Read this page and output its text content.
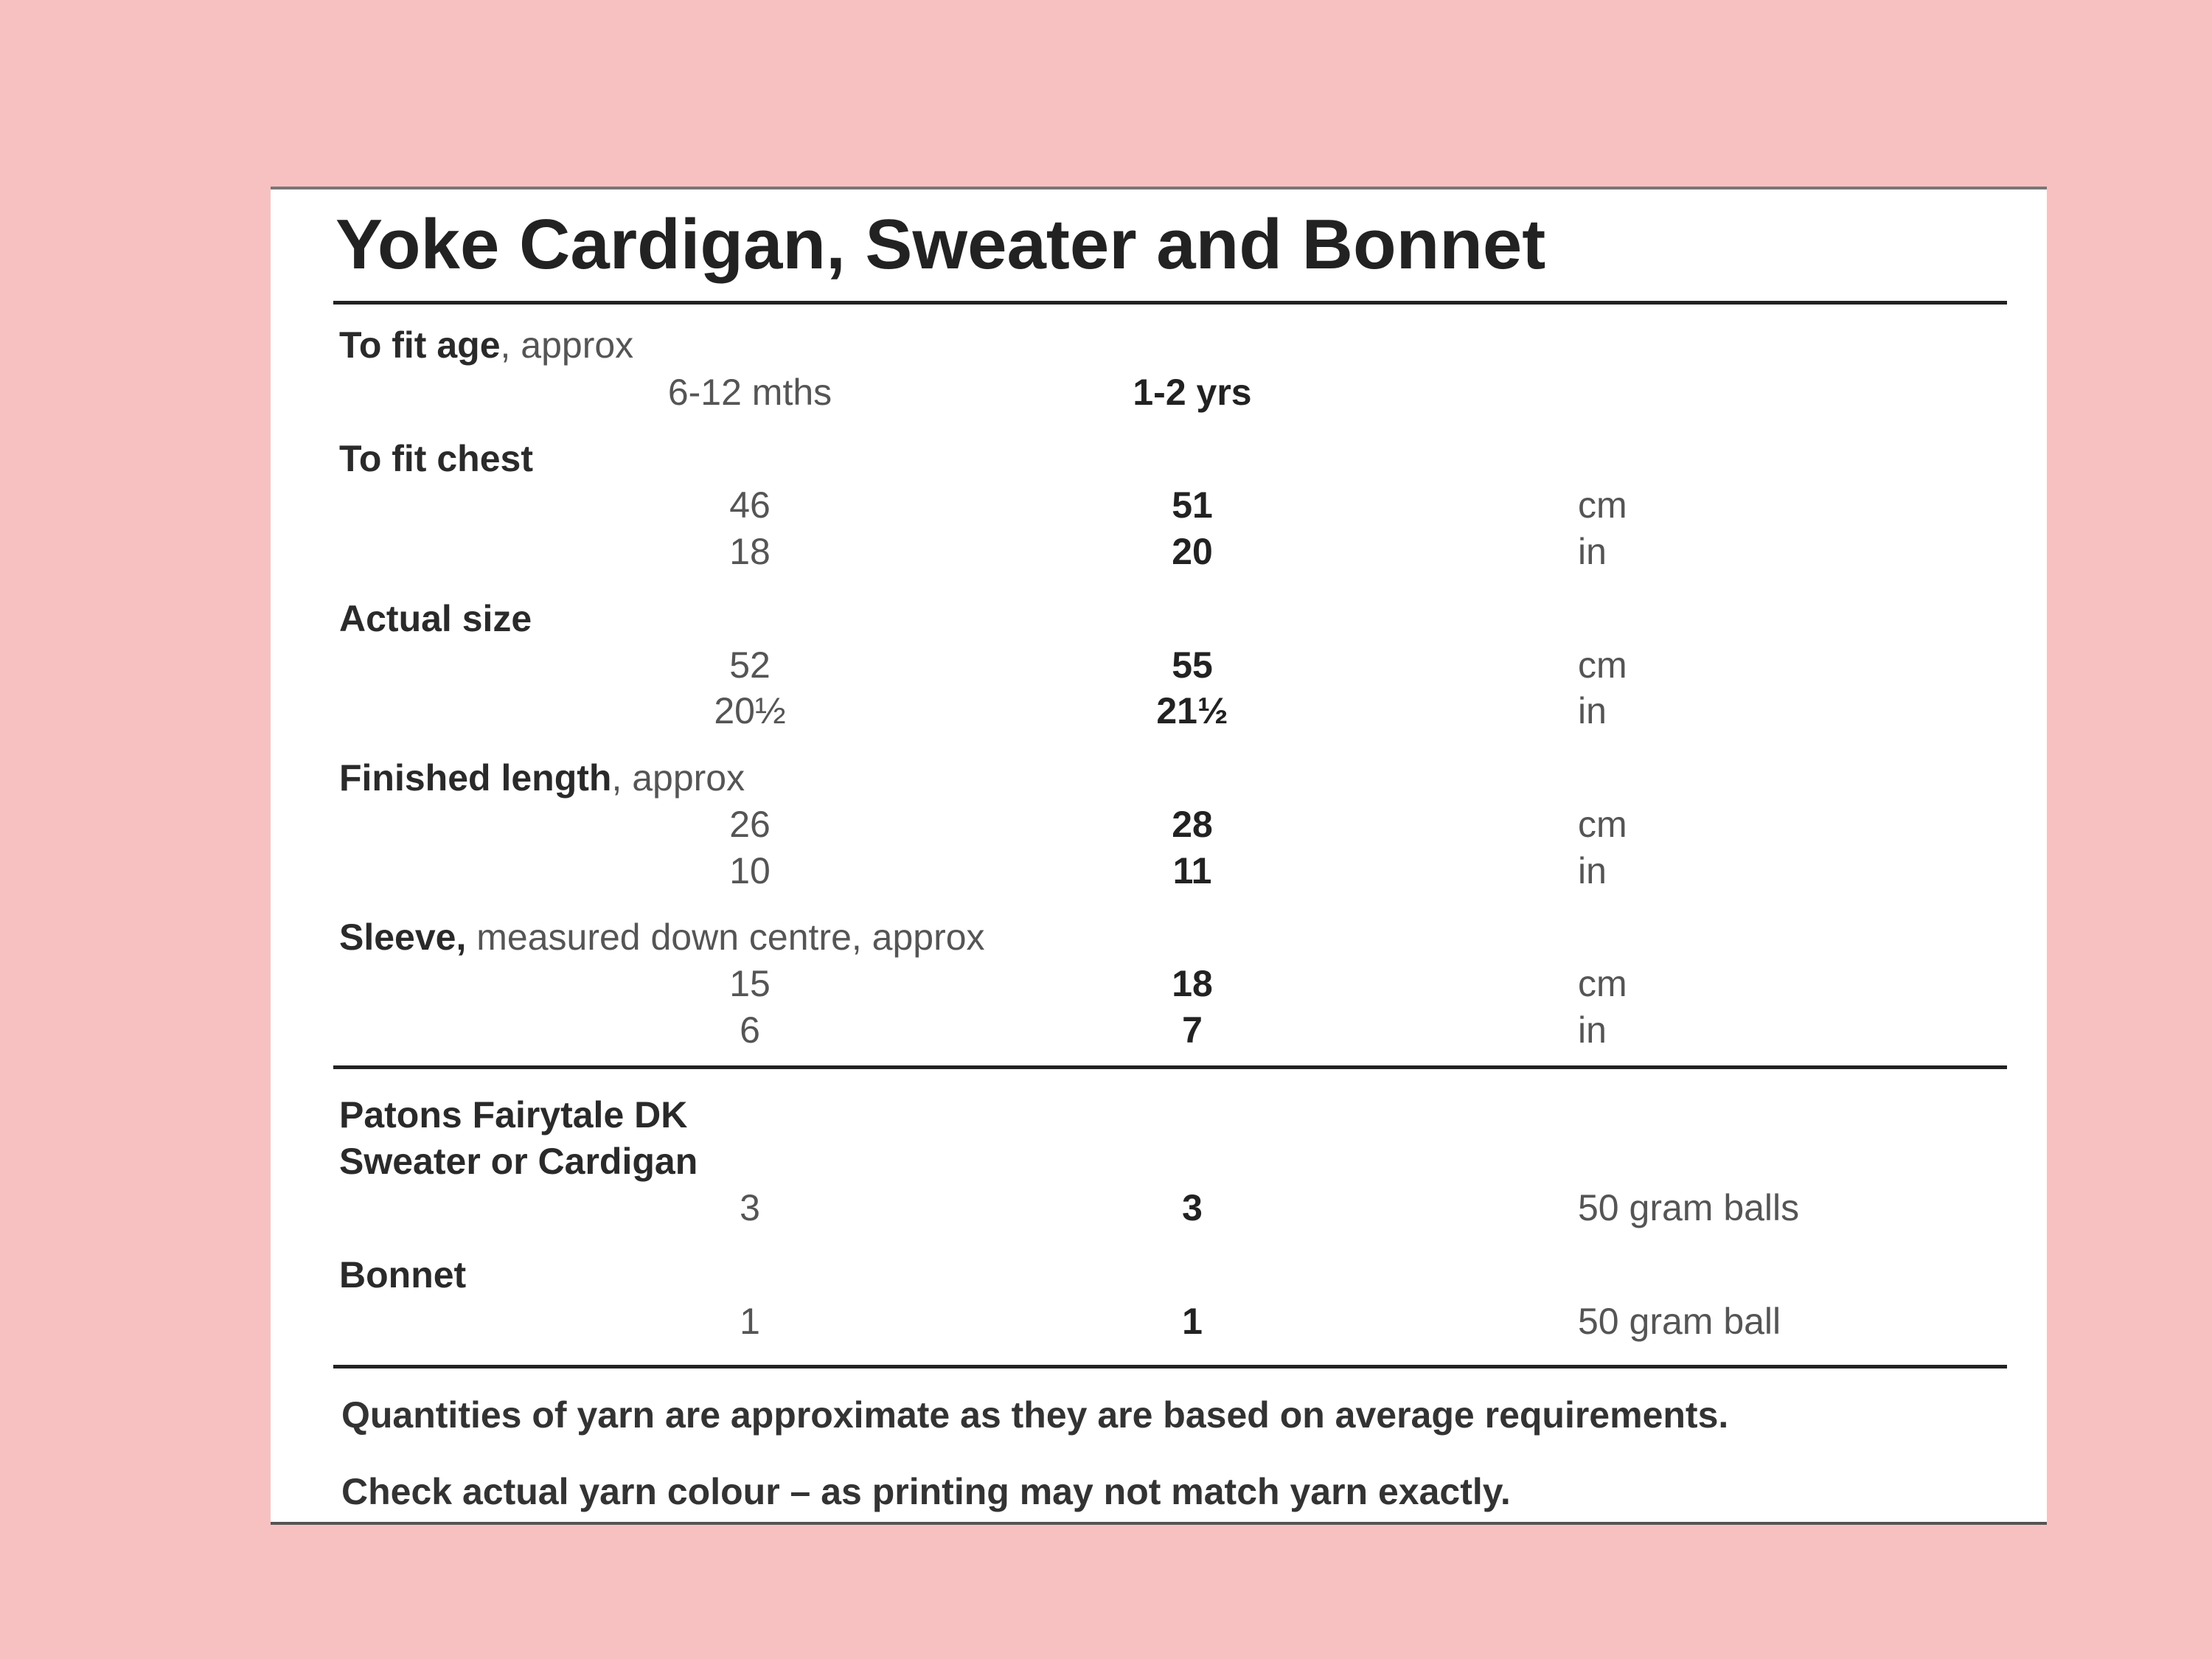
Yoke Cardigan, Sweater and Bonnet
To fit age, approx
6-12 mths	1-2 yrs
To fit chest
46	51	cm
18	20	in
Actual size
52	55	cm
20½	21½	in
Finished length, approx
26	28	cm
10	11	in
Sleeve, measured down centre, approx
15	18	cm
6	7	in
Patons Fairytale DK
Sweater or Cardigan
3	3	50 gram balls
Bonnet
1	1	50 gram ball
Quantities of yarn are approximate as they are based on average requirements.
Check actual yarn colour – as printing may not match yarn exactly.
